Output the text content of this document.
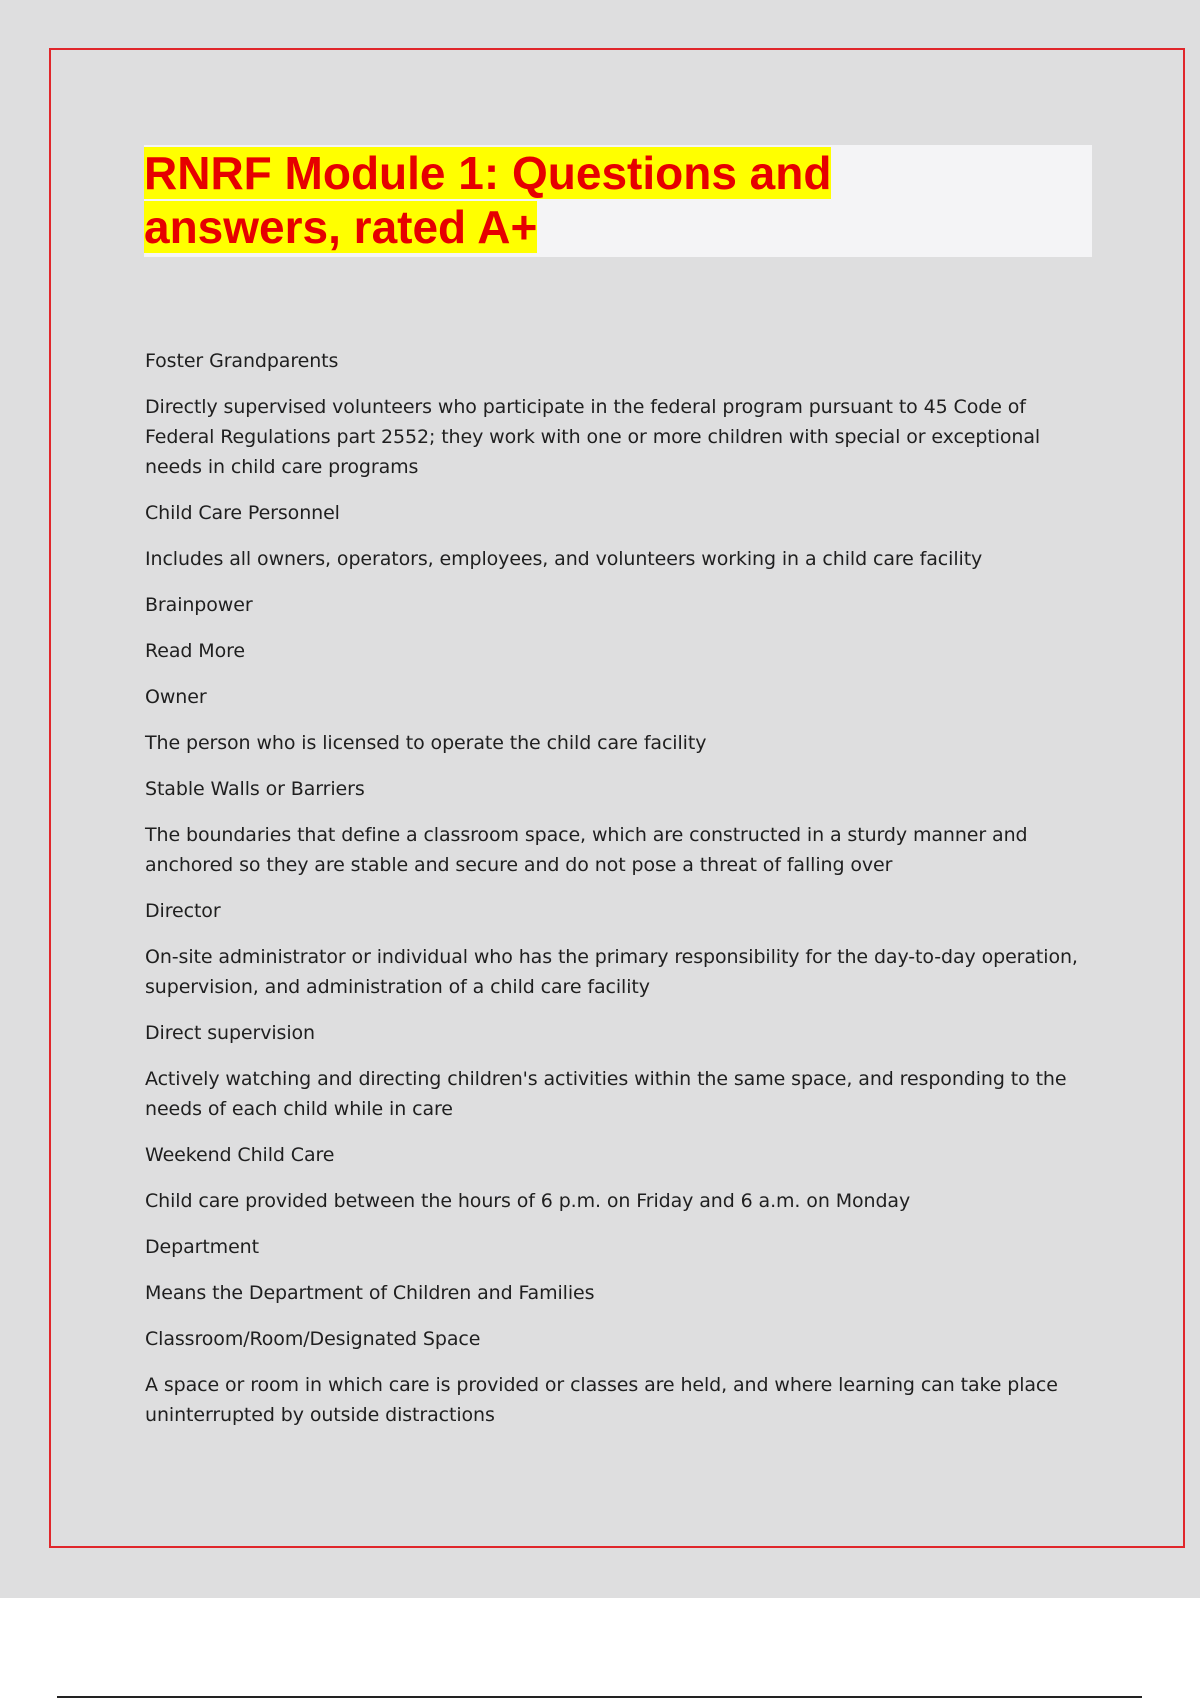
RNRF Module 1: Questions and answers, rated A+

Foster Grandparents

Directly supervised volunteers who participate in the federal program pursuant to 45 Code of Federal Regulations part 2552; they work with one or more children with special or exceptional needs in child care programs

Child Care Personnel

Includes all owners, operators, employees, and volunteers working in a child care facility

Brainpower

Read More

Owner

The person who is licensed to operate the child care facility

Stable Walls or Barriers

The boundaries that define a classroom space, which are constructed in a sturdy manner and anchored so they are stable and secure and do not pose a threat of falling over

Director

On-site administrator or individual who has the primary responsibility for the day-to-day operation, supervision, and administration of a child care facility

Direct supervision

Actively watching and directing children's activities within the same space, and responding to the needs of each child while in care

Weekend Child Care

Child care provided between the hours of 6 p.m. on Friday and 6 a.m. on Monday

Department

Means the Department of Children and Families

Classroom/Room/Designated Space

A space or room in which care is provided or classes are held, and where learning can take place uninterrupted by outside distractions
